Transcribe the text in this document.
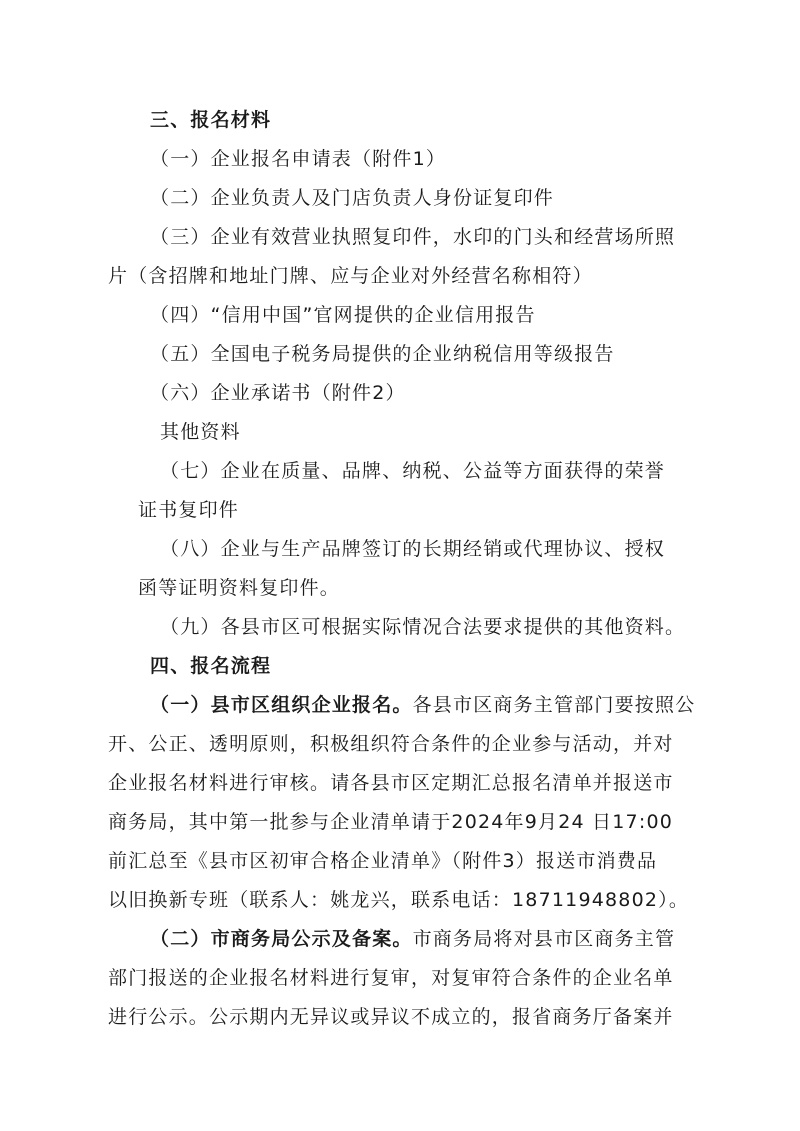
三、报名材料
（一）企业报名申请表（附件1）
（二）企业负责人及门店负责人身份证复印件
（三）企业有效营业执照复印件，水印的门头和经营场所照
片（含招牌和地址门牌、应与企业对外经营名称相符）
（四）“信用中国”官网提供的企业信用报告
（五）全国电子税务局提供的企业纳税信用等级报告
（六）企业承诺书（附件2）
其他资料
（七）企业在质量、品牌、纳税、公益等方面获得的荣誉
证书复印件
（八）企业与生产品牌签订的长期经销或代理协议、授权
函等证明资料复印件。
（九）各县市区可根据实际情况合法要求提供的其他资料。
四、报名流程
（一）县市区组织企业报名。各县市区商务主管部门要按照公
开、公正、透明原则，积极组织符合条件的企业参与活动，并对
企业报名材料进行审核。请各县市区定期汇总报名清单并报送市
商务局，其中第一批参与企业清单请于2024年9月24 日17:00
前汇总至《县市区初审合格企业清单》（附件3）报送市消费品
以旧换新专班（联系人：姚龙兴，联系电话：18711948802）。
（二）市商务局公示及备案。市商务局将对县市区商务主管
部门报送的企业报名材料进行复审，对复审符合条件的企业名单
进行公示。公示期内无异议或异议不成立的，报省商务厅备案并
